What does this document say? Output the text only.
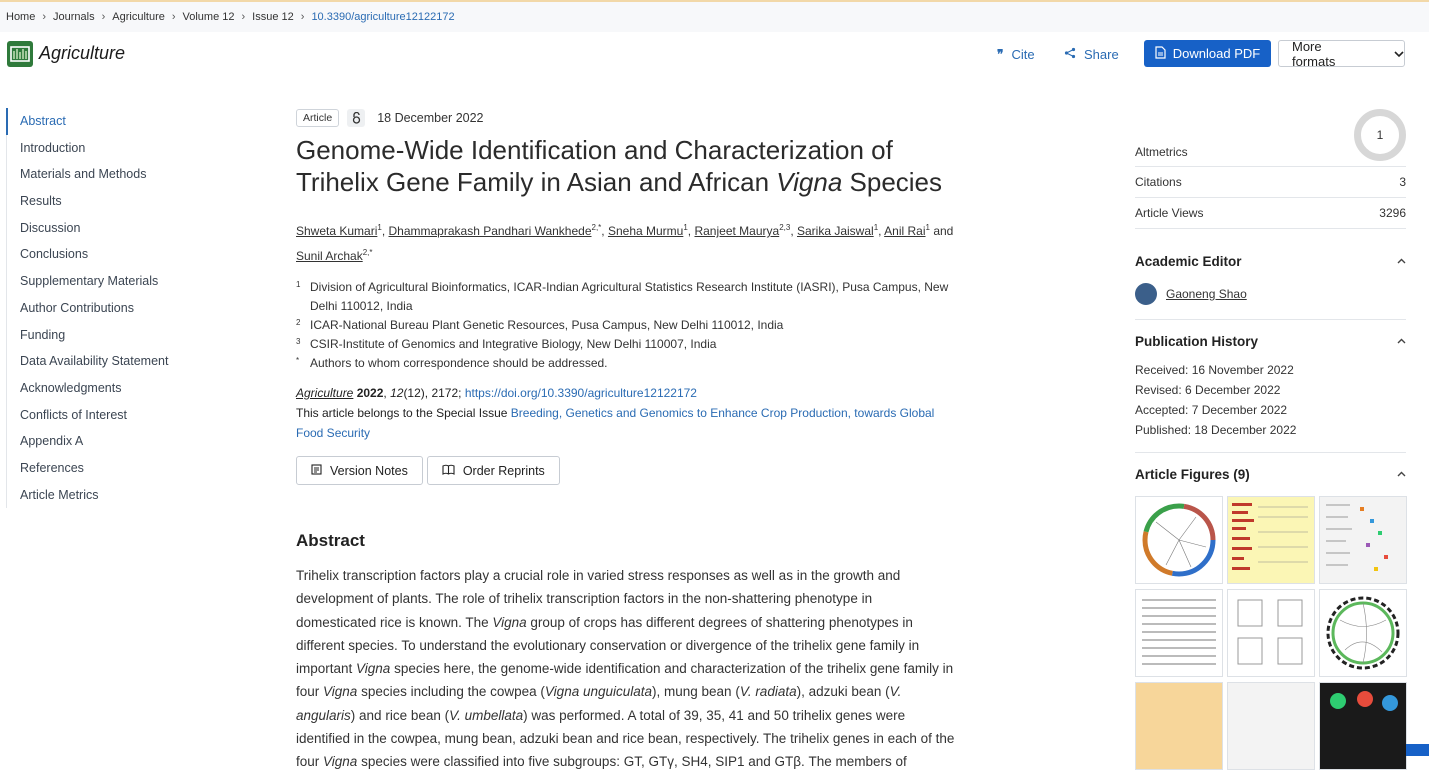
Home › Journals › Agriculture › Volume 12 › Issue 12 › 10.3390/agriculture12122172
Agriculture	❞ Cite	Share	Download PDF More formats
Abstract
Introduction
Materials and Methods
Results
Discussion
Conclusions
Supplementary Materials
Author Contributions
Funding
Data Availability Statement
Acknowledgments
Conflicts of Interest
Appendix A
References
Article Metrics
Article	18 December 2022
Genome-Wide Identification and Characterization of Trihelix Gene Family in Asian and African Vigna Species
Shweta Kumari$^1$, Dhammaprakash Pandhari Wankhede$^{2,*}$, Sneha Murmu$^1$, Ranjeet Maurya$^{2,3}$, Sarika Jaiswal$^1$, Anil Rai$^1$ and
Sunil Archak$^{2,*}$
1 Division of Agricultural Bioinformatics, ICAR-Indian Agricultural Statistics Research Institute (IASRI), Pusa Campus, New Delhi 110012, India
2 ICAR-National Bureau Plant Genetic Resources, Pusa Campus, New Delhi 110012, India
3 CSIR-Institute of Genomics and Integrative Biology, New Delhi 110007, India
* Authors to whom correspondence should be addressed.
Agriculture 2022, 12(12), 2172; https://doi.org/10.3390/agriculture12122172
This article belongs to the Special Issue Breeding, Genetics and Genomics to Enhance Crop Production, towards Global Food Security
Version Notes	Order Reprints
Abstract
Trihelix transcription factors play a crucial role in varied stress responses as well as in the growth and development of plants. The role of trihelix transcription factors in the non-shattering phenotype in domesticated rice is known. The Vigna group of crops has different degrees of shattering phenotypes in different species. To understand the evolutionary conservation or divergence of the trihelix gene family in important Vigna species here, the genome-wide identification and characterization of the trihelix gene family in four Vigna species including the cowpea (Vigna unguiculata), mung bean (V. radiata), adzuki bean (V. angularis) and rice bean (V. umbellata) was performed. A total of 39, 35, 41 and 50 trihelix genes were identified in the cowpea, mung bean, adzuki bean and rice bean, respectively. The trihelix genes in each of the four Vigna species were classified into five subgroups: GT, GTγ, SH4, SIP1 and GTβ. The members of
Altmetrics
1
Citations	3
Article Views	3296
Academic Editor
Gaoneng Shao
Publication History
Received: 16 November 2022
Revised: 6 December 2022
Accepted: 7 December 2022
Published: 18 December 2022
Article Figures (9)
